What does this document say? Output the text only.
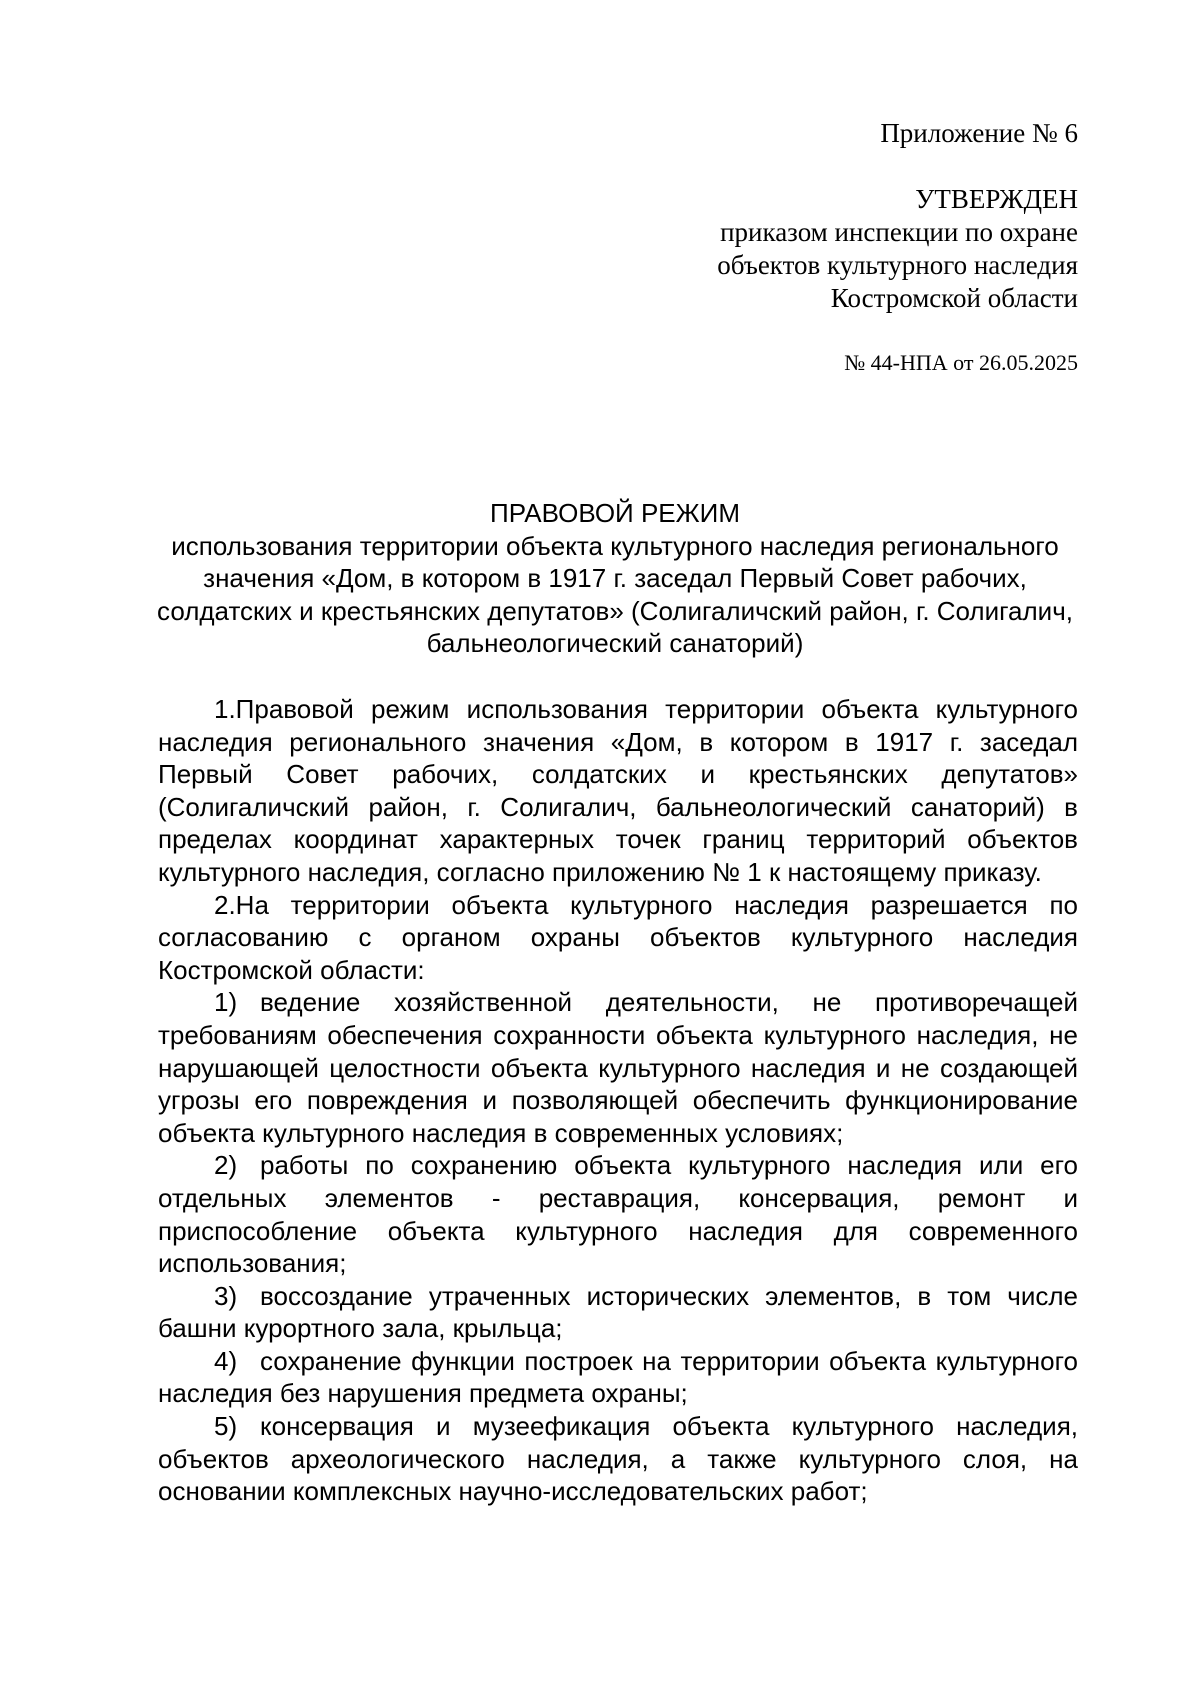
Приложение № 6
УТВЕРЖДЕН
приказом инспекции по охране
объектов культурного наследия
Костромской области
№ 44-НПА от 26.05.2025
ПРАВОВОЙ РЕЖИМ
использования территории объекта культурного наследия регионального значения «Дом, в котором в 1917 г. заседал Первый Совет рабочих, солдатских и крестьянских депутатов» (Солигаличский район, г. Солигалич, бальнеологический санаторий)

1.Правовой режим использования территории объекта культурного наследия регионального значения «Дом, в котором в 1917 г. заседал Первый Совет рабочих, солдатских и крестьянских депутатов» (Солигаличский район, г. Солигалич, бальнеологический санаторий) в пределах координат характерных точек границ территорий объектов культурного наследия, согласно приложению № 1 к настоящему приказу.

2.На территории объекта культурного наследия разрешается по согласованию с органом охраны объектов культурного наследия Костромской области:

1) ведение хозяйственной деятельности, не противоречащей требованиям обеспечения сохранности объекта культурного наследия, не нарушающей целостности объекта культурного наследия и не создающей угрозы его повреждения и позволяющей обеспечить функционирование объекта культурного наследия в современных условиях;

2) работы по сохранению объекта культурного наследия или его отдельных элементов - реставрация, консервация, ремонт и приспособление объекта культурного наследия для современного использования;

3) воссоздание утраченных исторических элементов, в том числе башни курортного зала, крыльца;

4) сохранение функции построек на территории объекта культурного наследия без нарушения предмета охраны;

5) консервация и музеефикация объекта культурного наследия, объектов археологического наследия, а также культурного слоя, на основании комплексных научно-исследовательских работ;
